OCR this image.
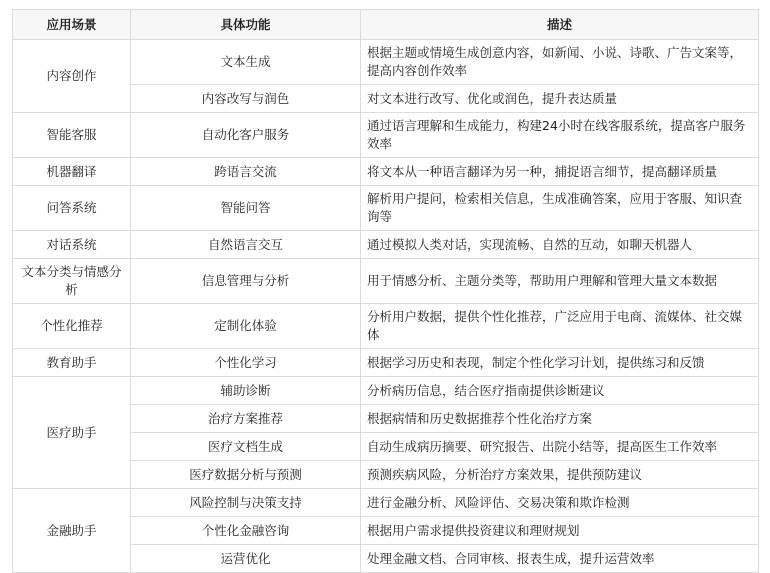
应用场景	具体功能	描述
内容创作	文本生成	根据主题或情境生成创意内容，如新闻、小说、诗歌、广告文案等，提高内容创作效率
	内容改写与润色	对文本进行改写、优化或润色，提升表达质量
智能客服	自动化客户服务	通过语言理解和生成能力，构建24小时在线客服系统，提高客户服务效率
机器翻译	跨语言交流	将文本从一种语言翻译为另一种，捕捉语言细节，提高翻译质量
问答系统	智能问答	解析用户提问，检索相关信息，生成准确答案，应用于客服、知识查询等
对话系统	自然语言交互	通过模拟人类对话，实现流畅、自然的互动，如聊天机器人
文本分类与情感分析	信息管理与分析	用于情感分析、主题分类等，帮助用户理解和管理大量文本数据
个性化推荐	定制化体验	分析用户数据，提供个性化推荐，广泛应用于电商、流媒体、社交媒体
教育助手	个性化学习	根据学习历史和表现，制定个性化学习计划，提供练习和反馈
医疗助手	辅助诊断	分析病历信息，结合医疗指南提供诊断建议
	治疗方案推荐	根据病情和历史数据推荐个性化治疗方案
	医疗文档生成	自动生成病历摘要、研究报告、出院小结等，提高医生工作效率
	医疗数据分析与预测	预测疾病风险，分析治疗方案效果，提供预防建议
金融助手	风险控制与决策支持	进行金融分析、风险评估、交易决策和欺诈检测
	个性化金融咨询	根据用户需求提供投资建议和理财规划
	运营优化	处理金融文档、合同审核、报表生成，提升运营效率
